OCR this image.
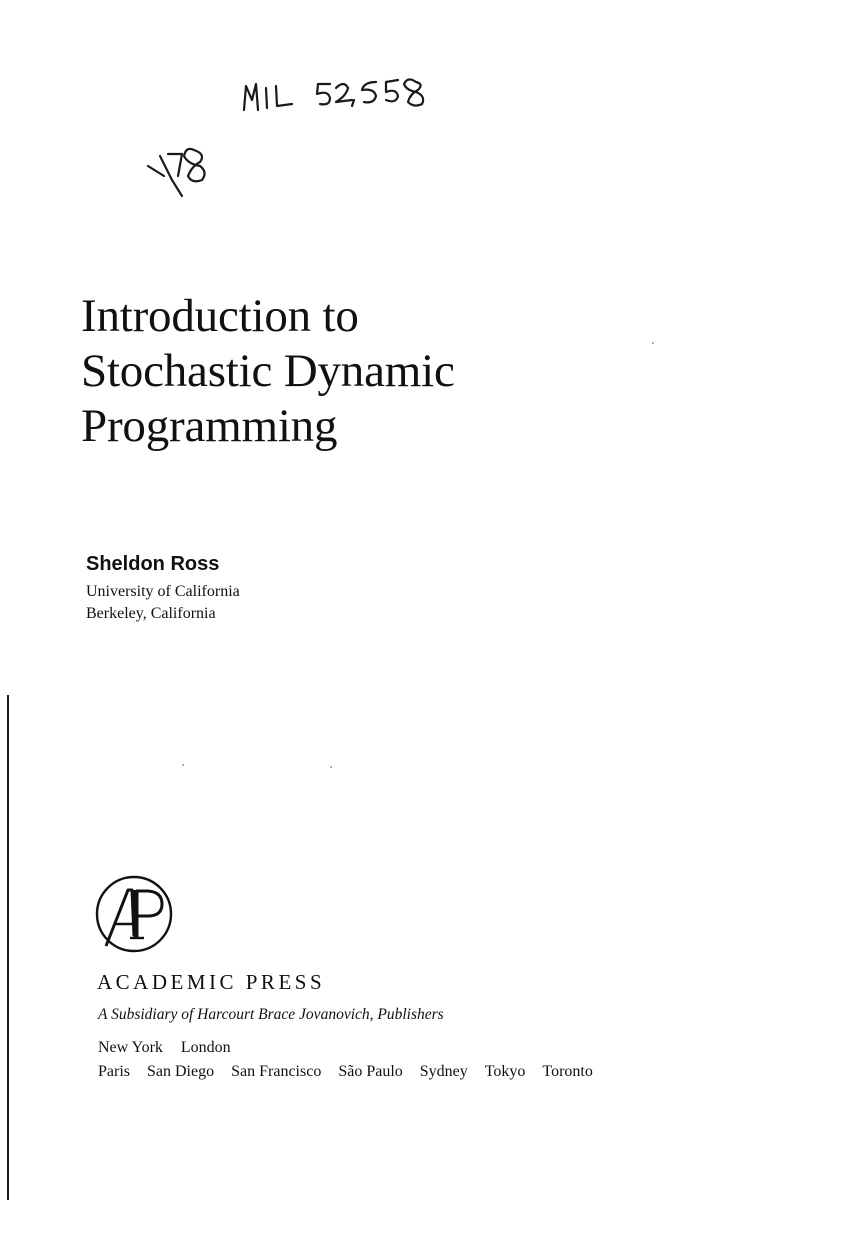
Introduction to
Stochastic Dynamic
Programming
Sheldon Ross
University of California
Berkeley, California
ACADEMIC PRESS
A Subsidiary of Harcourt Brace Jovanovich, Publishers
New York London
Paris San Diego San Francisco São Paulo Sydney Tokyo Toronto
